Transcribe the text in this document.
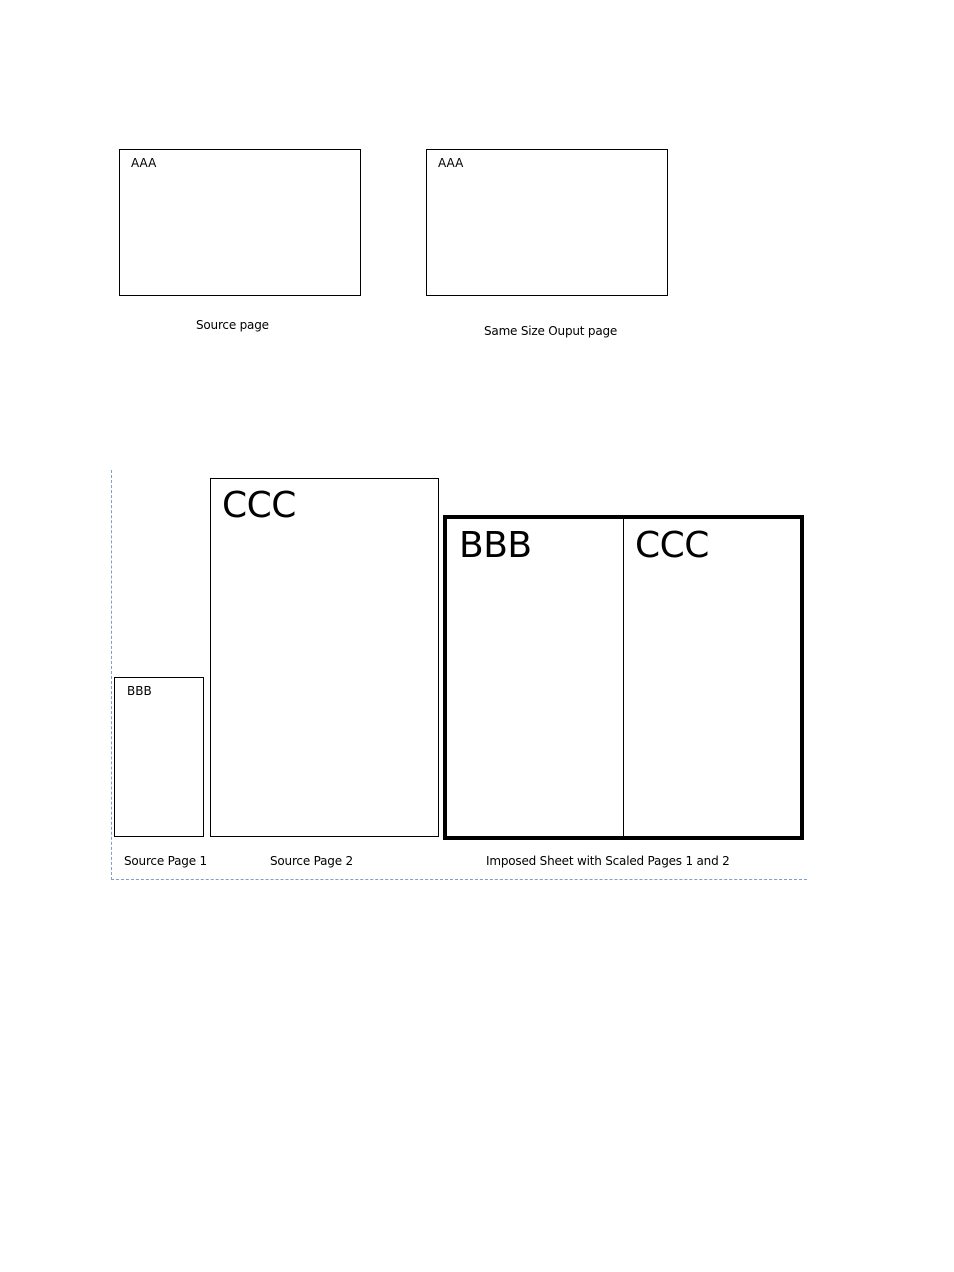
AAA
Source page
AAA
Same Size Ouput page
BBB
CCC
BBB	CCC
Source Page 1	Source Page 2	Imposed Sheet with Scaled Pages 1 and 2
